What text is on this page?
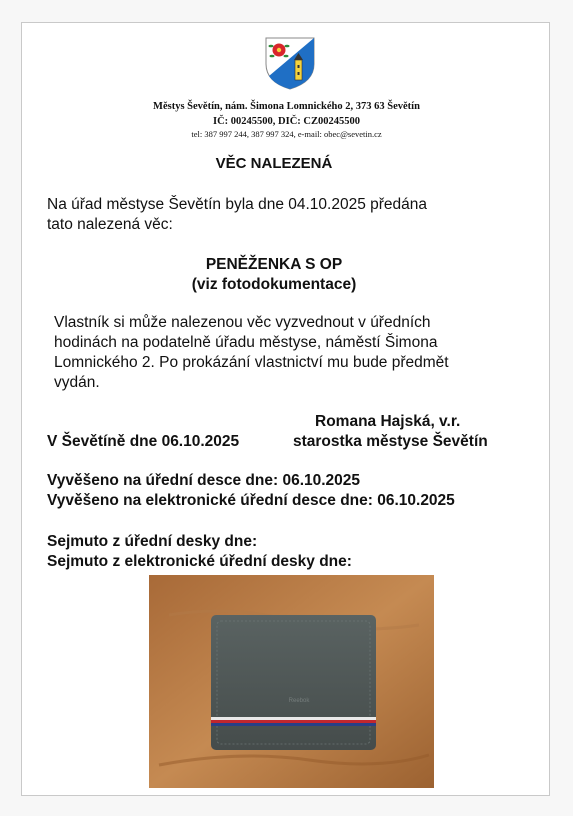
Městys Ševětín, nám. Šimona Lomnického 2, 373 63 Ševětín
IČ: 00245500, DIČ: CZ00245500
tel: 387 997 244, 387 997 324, e-mail: obec@sevetin.cz
VĚC NALEZENÁ
Na úřad městyse Ševětín byla dne 04.10.2025 předána
tato nalezená věc:
PENĚŽENKA S OP
(viz fotodokumentace)
Vlastník si může nalezenou věc vyzvednout v úředních
hodinách na podatelně úřadu městyse, náměstí Šimona
Lomnického 2. Po prokázání vlastnictví mu bude předmět
vydán.
Romana Hajská, v.r.
V Ševětíně dne 06.10.2025	starostka městyse Ševětín
Vyvěšeno na úřední desce dne: 06.10.2025
Vyvěšeno na elektronické úřední desce dne: 06.10.2025
Sejmuto z úřední desky dne:
Sejmuto z elektronické úřední desky dne:
Reebok
